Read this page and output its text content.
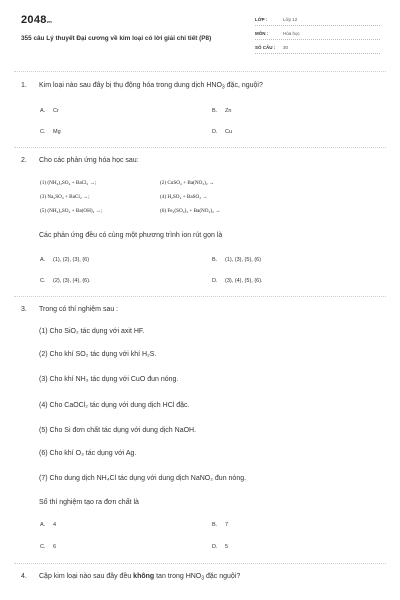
2048vn
355 câu Lý thuyết Đại cương về kim loại có lời giải chi tiết (P8)
LỚP :	Lớp 12
MÔN :	Hóa học
SỐ CÂU : 30
1. Kim loại nào sau đây bị thụ động hóa trong dung dịch $HNO_3$ đặc, nguội?
A. Cr	B. Zn
C. Mg	D. Cu
2. Cho các phản ứng hóa học sau:
(1) (NH₄)₂SO₄ + BaCl₂ →;	(2) CuSO₄ + Ba(NO₃)₂ →
(3) Na₂SO₄ + BaCl₂ →;	(4) H₂SO₄ + BaSO₃ →
(5) (NH₄)₂SO₄ + Ba(OH)₂ →;	(6) Fe₂(SO₄)₃ + Ba(NO₃)₂ →
Các phản ứng đều có cùng một phương trình ion rút gọn là
A. (1), (2), (3), (6)	B. (1), (3), (5), (6)
C. (2), (3), (4), (6).	D. (3), (4), (5), (6).
3. Trong có thí nghiệm sau :
(1) Cho SiO₂ tác dụng với axit HF.
(2) Cho khí SO₂ tác dụng với khí H₂S.
(3) Cho khí NH₃ tác dụng với CuO đun nóng.
(4) Cho CaOCl₂ tác dụng với dung dịch HCl đặc.
(5) Cho Si đơn chất tác dụng với dung dịch NaOH.
(6) Cho khí O₃ tác dụng với Ag.
(7) Cho dung dịch NH₄Cl tác dụng với dung dịch NaNO₂ đun nóng.
Số thí nghiệm tạo ra đơn chất là
A. 4	B. 7
C. 6	D. 5
4. Cặp kim loại nào sau đây đều không tan trong $HNO_3$ đặc nguội?
